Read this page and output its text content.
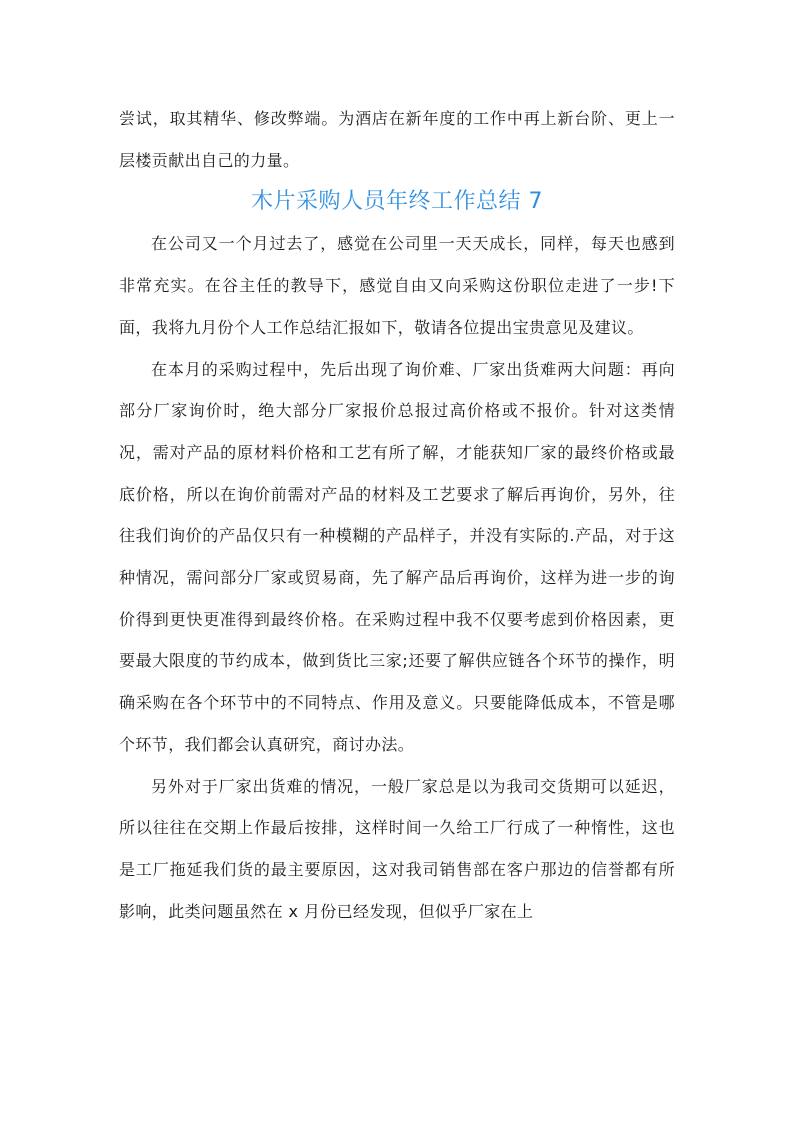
尝试，取其精华、修改弊端。为酒店在新年度的工作中再上新台阶、更上一层楼贡献出自己的力量。

木片采购人员年终工作总结 7

在公司又一个月过去了，感觉在公司里一天天成长，同样，每天也感到非常充实。在谷主任的教导下，感觉自由又向采购这份职位走进了一步!下面，我将九月份个人工作总结汇报如下，敬请各位提出宝贵意见及建议。

在本月的采购过程中，先后出现了询价难、厂家出货难两大问题：再向部分厂家询价时，绝大部分厂家报价总报过高价格或不报价。针对这类情况，需对产品的原材料价格和工艺有所了解，才能获知厂家的最终价格或最底价格，所以在询价前需对产品的材料及工艺要求了解后再询价，另外，往往我们询价的产品仅只有一种模糊的产品样子，并没有实际的.产品，对于这种情况，需问部分厂家或贸易商，先了解产品后再询价，这样为进一步的询价得到更快更准得到最终价格。在采购过程中我不仅要考虑到价格因素，更要最大限度的节约成本，做到货比三家;还要了解供应链各个环节的操作，明确采购在各个环节中的不同特点、作用及意义。只要能降低成本，不管是哪个环节，我们都会认真研究，商讨办法。

另外对于厂家出货难的情况，一般厂家总是以为我司交货期可以延迟，所以往往在交期上作最后按排，这样时间一久给工厂行成了一种惰性，这也是工厂拖延我们货的最主要原因，这对我司销售部在客户那边的信誉都有所影响，此类问题虽然在 x 月份已经发现，但似乎厂家在上
